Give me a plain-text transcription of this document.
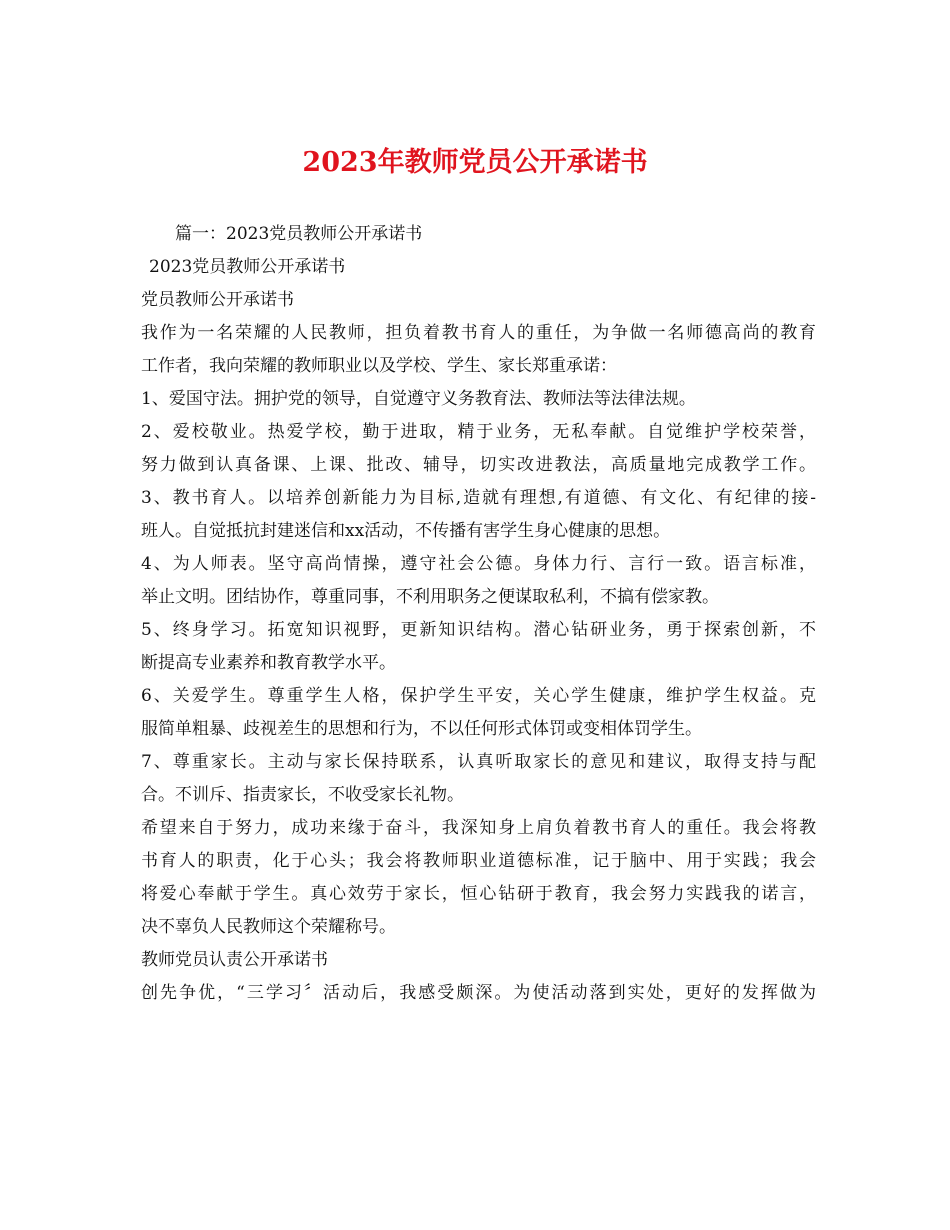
2023年教师党员公开承诺书
篇一：2023党员教师公开承诺书
2023党员教师公开承诺书
党员教师公开承诺书
我作为一名荣耀的人民教师，担负着教书育人的重任，为争做一名师德高尚的教育
工作者，我向荣耀的教师职业以及学校、学生、家长郑重承诺：
1、爱国守法。拥护党的领导，自觉遵守义务教育法、教师法等法律法规。
2、爱校敬业。热爱学校，勤于进取，精于业务，无私奉献。自觉维护学校荣誉，
努力做到认真备课、上课、批改、辅导，切实改进教法，高质量地完成教学工作。
3、教书育人。以培养创新能力为目标,造就有理想,有道德、有文化、有纪律的接-
班人。自觉抵抗封建迷信和xx活动，不传播有害学生身心健康的思想。
4、为人师表。坚守高尚情操，遵守社会公德。身体力行、言行一致。语言标准，
举止文明。团结协作，尊重同事，不利用职务之便谋取私利，不搞有偿家教。
5、终身学习。拓宽知识视野，更新知识结构。潜心钻研业务，勇于探索创新，不
断提高专业素养和教育教学水平。
6、关爱学生。尊重学生人格，保护学生平安，关心学生健康，维护学生权益。克
服简单粗暴、歧视差生的思想和行为，不以任何形式体罚或变相体罚学生。
7、尊重家长。主动与家长保持联系，认真听取家长的意见和建议，取得支持与配
合。不训斥、指责家长，不收受家长礼物。
希望来自于努力，成功来缘于奋斗，我深知身上肩负着教书育人的重任。我会将教
书育人的职责，化于心头；我会将教师职业道德标准，记于脑中、用于实践；我会
将爱心奉献于学生。真心效劳于家长，恒心钻研于教育，我会努力实践我的诺言，
决不辜负人民教师这个荣耀称号。
教师党员认责公开承诺书
创先争优，“三学习〞活动后，我感受颇深。为使活动落到实处，更好的发挥做为
